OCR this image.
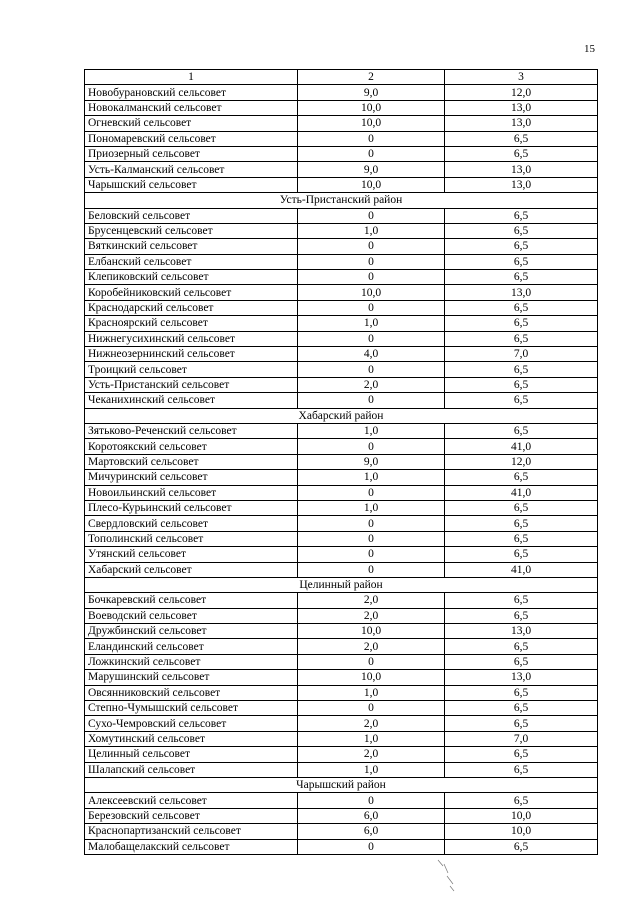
15
1	2	3
Новобурановский сельсовет	9,0	12,0
Новокалманский сельсовет	10,0	13,0
Огневский сельсовет	10,0	13,0
Пономаревский сельсовет	0	6,5
Приозерный сельсовет	0	6,5
Усть-Калманский сельсовет	9,0	13,0
Чарышский сельсовет	10,0	13,0
Усть-Пристанский район		
Беловский сельсовет	0	6,5
Брусенцевский сельсовет	1,0	6,5
Вяткинский сельсовет	0	6,5
Елбанский сельсовет	0	6,5
Клепиковский сельсовет	0	6,5
Коробейниковский сельсовет	10,0	13,0
Краснодарский сельсовет	0	6,5
Красноярский сельсовет	1,0	6,5
Нижнегусихинский сельсовет	0	6,5
Нижнеозернинский сельсовет	4,0	7,0
Троицкий сельсовет	0	6,5
Усть-Пристанский сельсовет	2,0	6,5
Чеканихинский сельсовет	0	6,5
Хабарский район		
Зятьково-Реченский сельсовет	1,0	6,5
Коротоякский сельсовет	0	41,0
Мартовский сельсовет	9,0	12,0
Мичуринский сельсовет	1,0	6,5
Новоильинский сельсовет	0	41,0
Плесо-Курьинский сельсовет	1,0	6,5
Свердловский сельсовет	0	6,5
Тополинский сельсовет	0	6,5
Утянский сельсовет	0	6,5
Хабарский сельсовет	0	41,0
Целинный район		
Бочкаревский сельсовет	2,0	6,5
Воеводский сельсовет	2,0	6,5
Дружбинский сельсовет	10,0	13,0
Еландинский сельсовет	2,0	6,5
Ложкинский сельсовет	0	6,5
Марушинский сельсовет	10,0	13,0
Овсянниковский сельсовет	1,0	6,5
Степно-Чумышский сельсовет	0	6,5
Сухо-Чемровский сельсовет	2,0	6,5
Хомутинский сельсовет	1,0	7,0
Целинный сельсовет	2,0	6,5
Шалапский сельсовет	1,0	6,5
Чарышский район		
Алексеевский сельсовет	0	6,5
Березовский сельсовет	6,0	10,0
Краснопартизанский сельсовет	6,0	10,0
Малобащелакский сельсовет	0	6,5
